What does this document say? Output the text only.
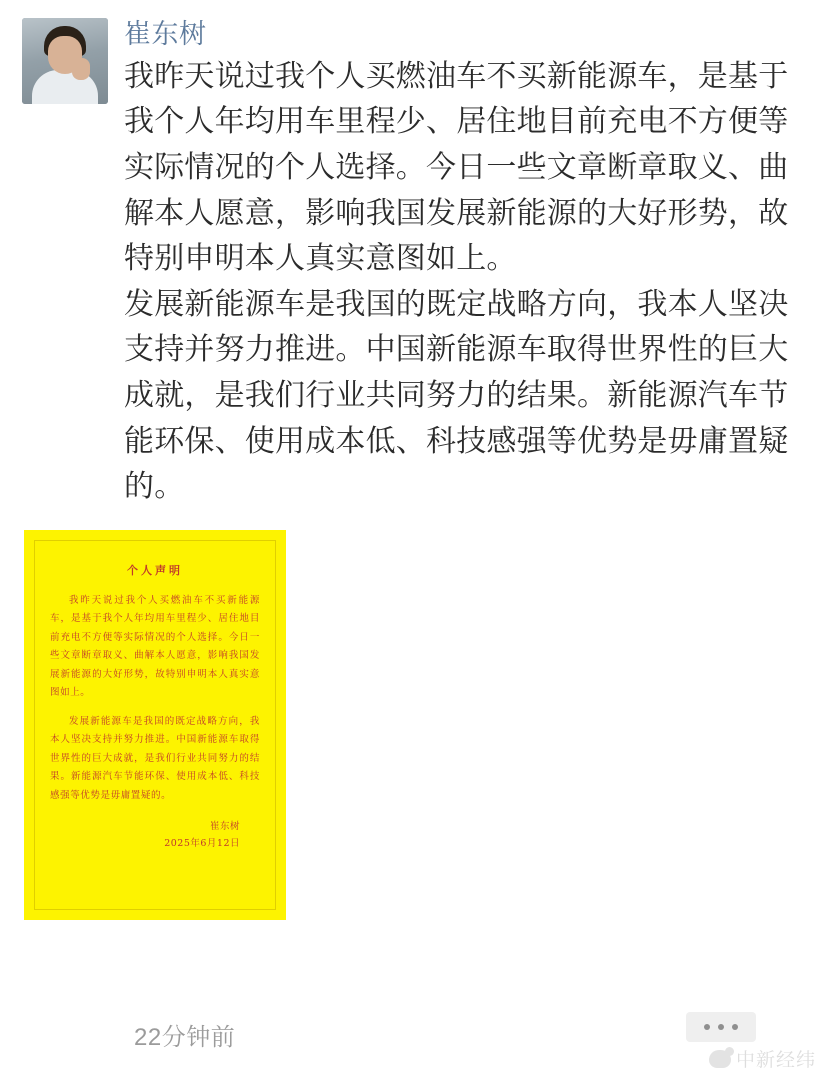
崔东树

我昨天说过我个人买燃油车不买新能源车，是基于我个人年均用车里程少、居住地目前充电不方便等实际情况的个人选择。今日一些文章断章取义、曲解本人愿意，影响我国发展新能源的大好形势，故特别申明本人真实意图如上。

发展新能源车是我国的既定战略方向，我本人坚决支持并努力推进。中国新能源车取得世界性的巨大成就，是我们行业共同努力的结果。新能源汽车节能环保、使用成本低、科技感强等优势是毋庸置疑的。

个人声明

我昨天说过我个人买燃油车不买新能源车，是基于我个人年均用车里程少、居住地目前充电不方便等实际情况的个人选择。今日一些文章断章取义、曲解本人愿意，影响我国发展新能源的大好形势，故特别申明本人真实意图如上。

发展新能源车是我国的既定战略方向，我本人坚决支持并努力推进。中国新能源车取得世界性的巨大成就，是我们行业共同努力的结果。新能源汽车节能环保、使用成本低、科技感强等优势是毋庸置疑的。

崔东树
2025年6月12日
22分钟前
中新经纬
